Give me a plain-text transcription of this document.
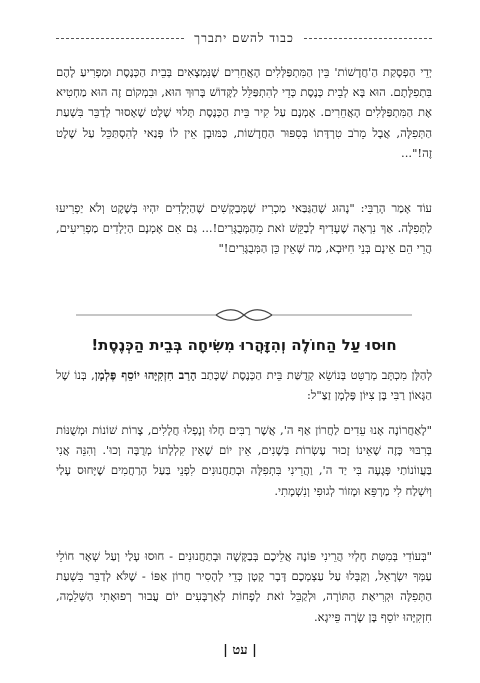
כבוד להשם יתברך

יְדֵי הַפְסָקַת הַ'חֲדָשׁוֹת' בֵּין הַמִּתְפַּלְּלִים הָאֲחֵרִים שֶׁנִּמְצָאִים בְּבֵית הַכְּנֶסֶת וּמַפְרִיעַ לָהֶם בִּתְפִלָּתָם. הוּא בָּא לְבֵית כְּנֶסֶת כְּדֵי לְהִתְפַּלֵּל לַקָּדוֹשׁ בָּרוּךְ הוּא, וּבִמְקוֹם זֶה הוּא מַחְטִיא אֶת הַמִּתְפַּלְּלִים הָאֲחֵרִים. אָמְנָם עַל קִיר בֵּית הַכְּנֶסֶת תָּלוּי שֶׁלֶט שֶׁאָסוּר לְדַבֵּר בִּשְׁעַת הַתְּפִלָּה, אֲבָל מֵרֹב טִרְדָּתוֹ בְּסִפּוּר הַחֲדָשׁוֹת, כַּמּוּבָן אֵין לוֹ פְּנַאי לְהִסְתַּכֵּל עַל שֶׁלֶט זֶה!"...

עוֹד אָמַר הָרַבִּי: "נָהוּג שֶׁהַגַּבַּאי מַכְרִיז שֶׁמְּבַקְשִׁים שֶׁהַיְלָדִים יִהְיוּ בְּשֶׁקֶט וְלֹא יַפְרִיעוּ לַתְּפִלָּה. אַךְ נִרְאֶה שֶׁעָדִיף לְבַקֵּשׁ זֹאת מֵהַמְּבֻגָּרִים!... גַּם אִם אָמְנָם הַיְלָדִים מַפְרִיעִים, הֲרֵי הֵם אֵינָם בְּנֵי חִיּוּבָא, מַה שֶּׁאֵין כֵּן הַמְּבֻגָּרִים!"

חוּסוּ עַל הַחוֹלֶה וְהִזָּהֲרוּ מִשִּׂיחָה בְּבֵית הַכְּנֶסֶת!

לְהַלָּן מִכְתָּב מְרַטֵּט בְּנוֹשֵׂא קְדֻשַּׁת בֵּית הַכְּנֶסֶת שֶׁכָּתַב הָרַב חִזְקִיָּהוּ יוֹסֵף פֶּלְמָן, בְּנוֹ שֶׁל הַגָּאוֹן רַבִּי בֶּן צִיּוֹן פֶּלְמָן זַצַ"ל:

"לָאַחֲרוֹנָה אָנוּ עֵדִים לַחֲרוֹן אַף ה', אֲשֶׁר רַבִּים חָלוּ וְנָפְלוּ חֲלָלִים, צָרוֹת שׁוֹנוֹת וּמְשֻׁנּוֹת בְּרִבּוּי כָּזֶה שֶׁאֵינוֹ זָכוּר עֶשְׂרוֹת בְּשָׁנִים, אֵין יוֹם שֶׁאֵין קִלְלָתוֹ מְרֻבָּה וְכוּ'. וְהִנֵּה אֲנִי בַּעֲווֹנוֹתַי פְּגָעָה בִּי יַד ה', וַהֲרֵינִי בִּתְפִלָּה וּבְתַחֲנוּנִים לִפְנֵי בַּעַל הָרַחֲמִים שֶׁיָּחוּס עָלַי וְיִשְׁלַח לִי מַרְפֵּא וּמָזוֹר לְגוּפִי וְנִשְׁמָתִי.

"בְּעוֹדִי בְּמִטַּת חָלְיִי הֲרֵינִי פּוֹנֶה אֲלֵיכֶם בְּבַקָּשָׁה וּבְתַחֲנוּנִים - חוּסוּ עָלַי וְעַל שְׁאָר חוֹלֵי עַמְּךָ יִשְׂרָאֵל, וְקַבְּלוּ עַל עַצְמְכֶם דָּבָר קָטָן כְּדֵי לְהָסִיר חֲרוֹן אַפּוֹ - שֶׁלֹּא לְדַבֵּר בִּשְׁעַת הַתְּפִלָּה וּקְרִיאַת הַתּוֹרָה, וּלְקַבֵּל זֹאת לְפָחוֹת לְאַרְבָּעִים יוֹם עֲבוּר רְפוּאָתִי הַשְּׁלֵמָה, חִזְקִיָּהוּ יוֹסֵף בֶּן שָׂרָה פֵּייגָא.

| עט |
